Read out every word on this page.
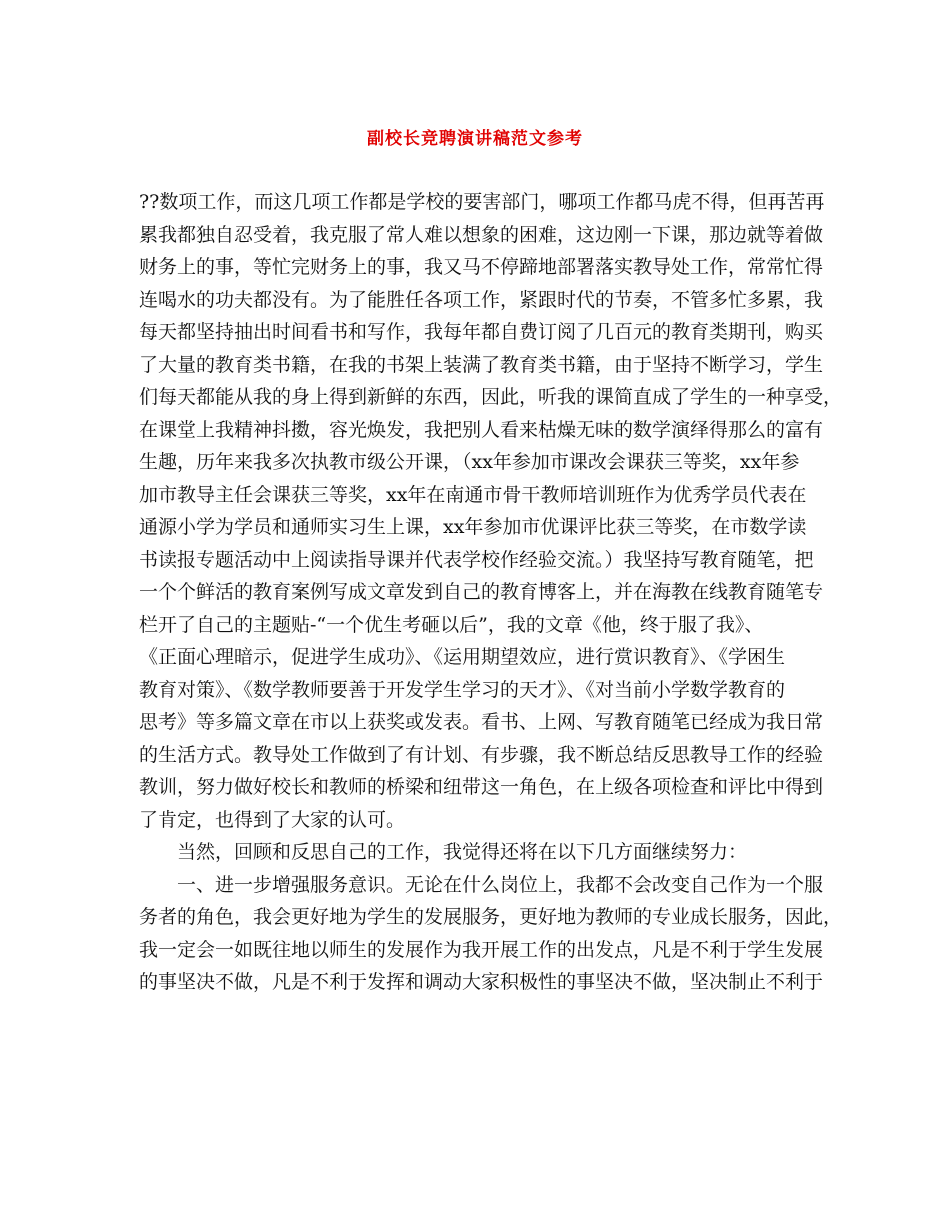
副校长竞聘演讲稿范文参考
??数项工作，而这几项工作都是学校的要害部门，哪项工作都马虎不得，但再苦再
累我都独自忍受着，我克服了常人难以想象的困难，这边刚一下课，那边就等着做
财务上的事，等忙完财务上的事，我又马不停蹄地部署落实教导处工作，常常忙得
连喝水的功夫都没有。为了能胜任各项工作，紧跟时代的节奏，不管多忙多累，我
每天都坚持抽出时间看书和写作，我每年都自费订阅了几百元的教育类期刊，购买
了大量的教育类书籍，在我的书架上装满了教育类书籍，由于坚持不断学习，学生
们每天都能从我的身上得到新鲜的东西，因此，听我的课简直成了学生的一种享受，
在课堂上我精神抖擞，容光焕发，我把别人看来枯燥无味的数学演绎得那么的富有
生趣，历年来我多次执教市级公开课，（xx年参加市课改会课获三等奖，xx年参
加市教导主任会课获三等奖，xx年在南通市骨干教师培训班作为优秀学员代表在
通源小学为学员和通师实习生上课，xx年参加市优课评比获三等奖，在市数学读
书读报专题活动中上阅读指导课并代表学校作经验交流。）我坚持写教育随笔，把
一个个鲜活的教育案例写成文章发到自己的教育博客上，并在海教在线教育随笔专
栏开了自己的主题贴-“一个优生考砸以后”，我的文章《他，终于服了我》、
《正面心理暗示，促进学生成功》、《运用期望效应，进行赏识教育》、《学困生
教育对策》、《数学教师要善于开发学生学习的天才》、《对当前小学数学教育的
思考》等多篇文章在市以上获奖或发表。看书、上网、写教育随笔已经成为我日常
的生活方式。教导处工作做到了有计划、有步骤，我不断总结反思教导工作的经验
教训，努力做好校长和教师的桥梁和纽带这一角色，在上级各项检查和评比中得到
了肯定，也得到了大家的认可。
当然，回顾和反思自己的工作，我觉得还将在以下几方面继续努力：
一、进一步增强服务意识。无论在什么岗位上，我都不会改变自己作为一个服
务者的角色，我会更好地为学生的发展服务，更好地为教师的专业成长服务，因此，
我一定会一如既往地以师生的发展作为我开展工作的出发点，凡是不利于学生发展
的事坚决不做，凡是不利于发挥和调动大家积极性的事坚决不做，坚决制止不利于
